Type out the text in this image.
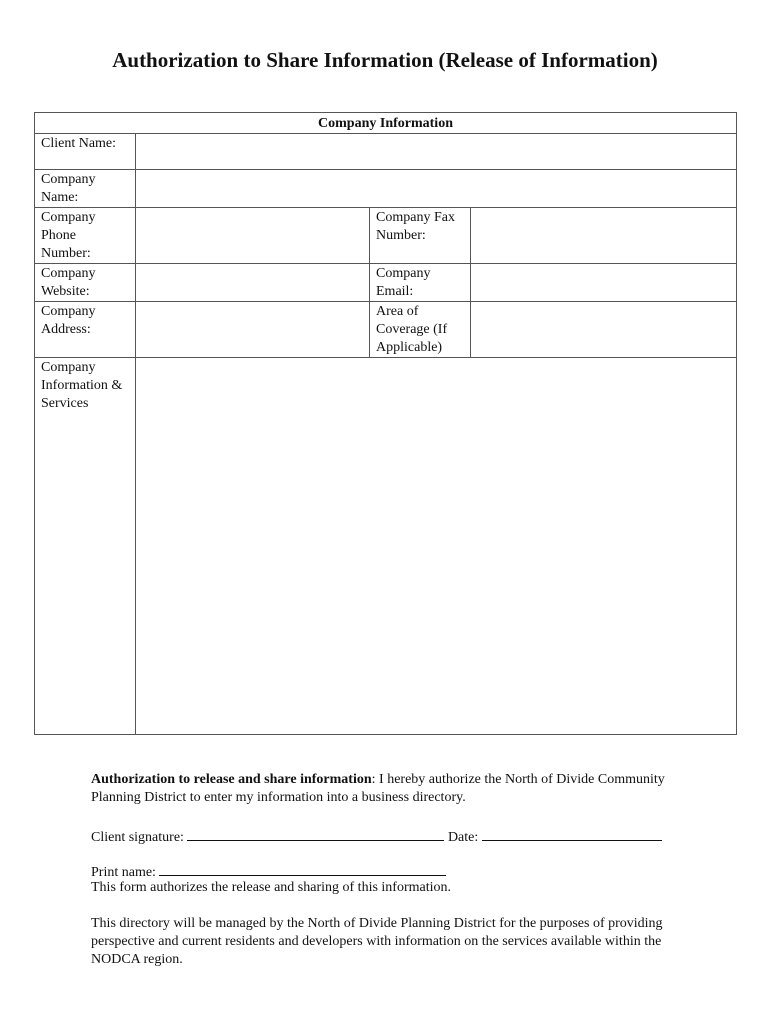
Authorization to Share Information (Release of Information)
Company Information			
Client Name:			
Company Name:			
Company Phone Number:		Company Fax Number:	
Company Website:		Company Email:	
Company Address:		Area of Coverage (If Applicable)	
Company Information & Services			
Authorization to release and share information: I hereby authorize the North of Divide Community Planning District to enter my information into a business directory.
Client signature:	Date:
Print name:
This form authorizes the release and sharing of this information.
This directory will be managed by the North of Divide Planning District for the purposes of providing perspective and current residents and developers with information on the services available within the NODCA region.
